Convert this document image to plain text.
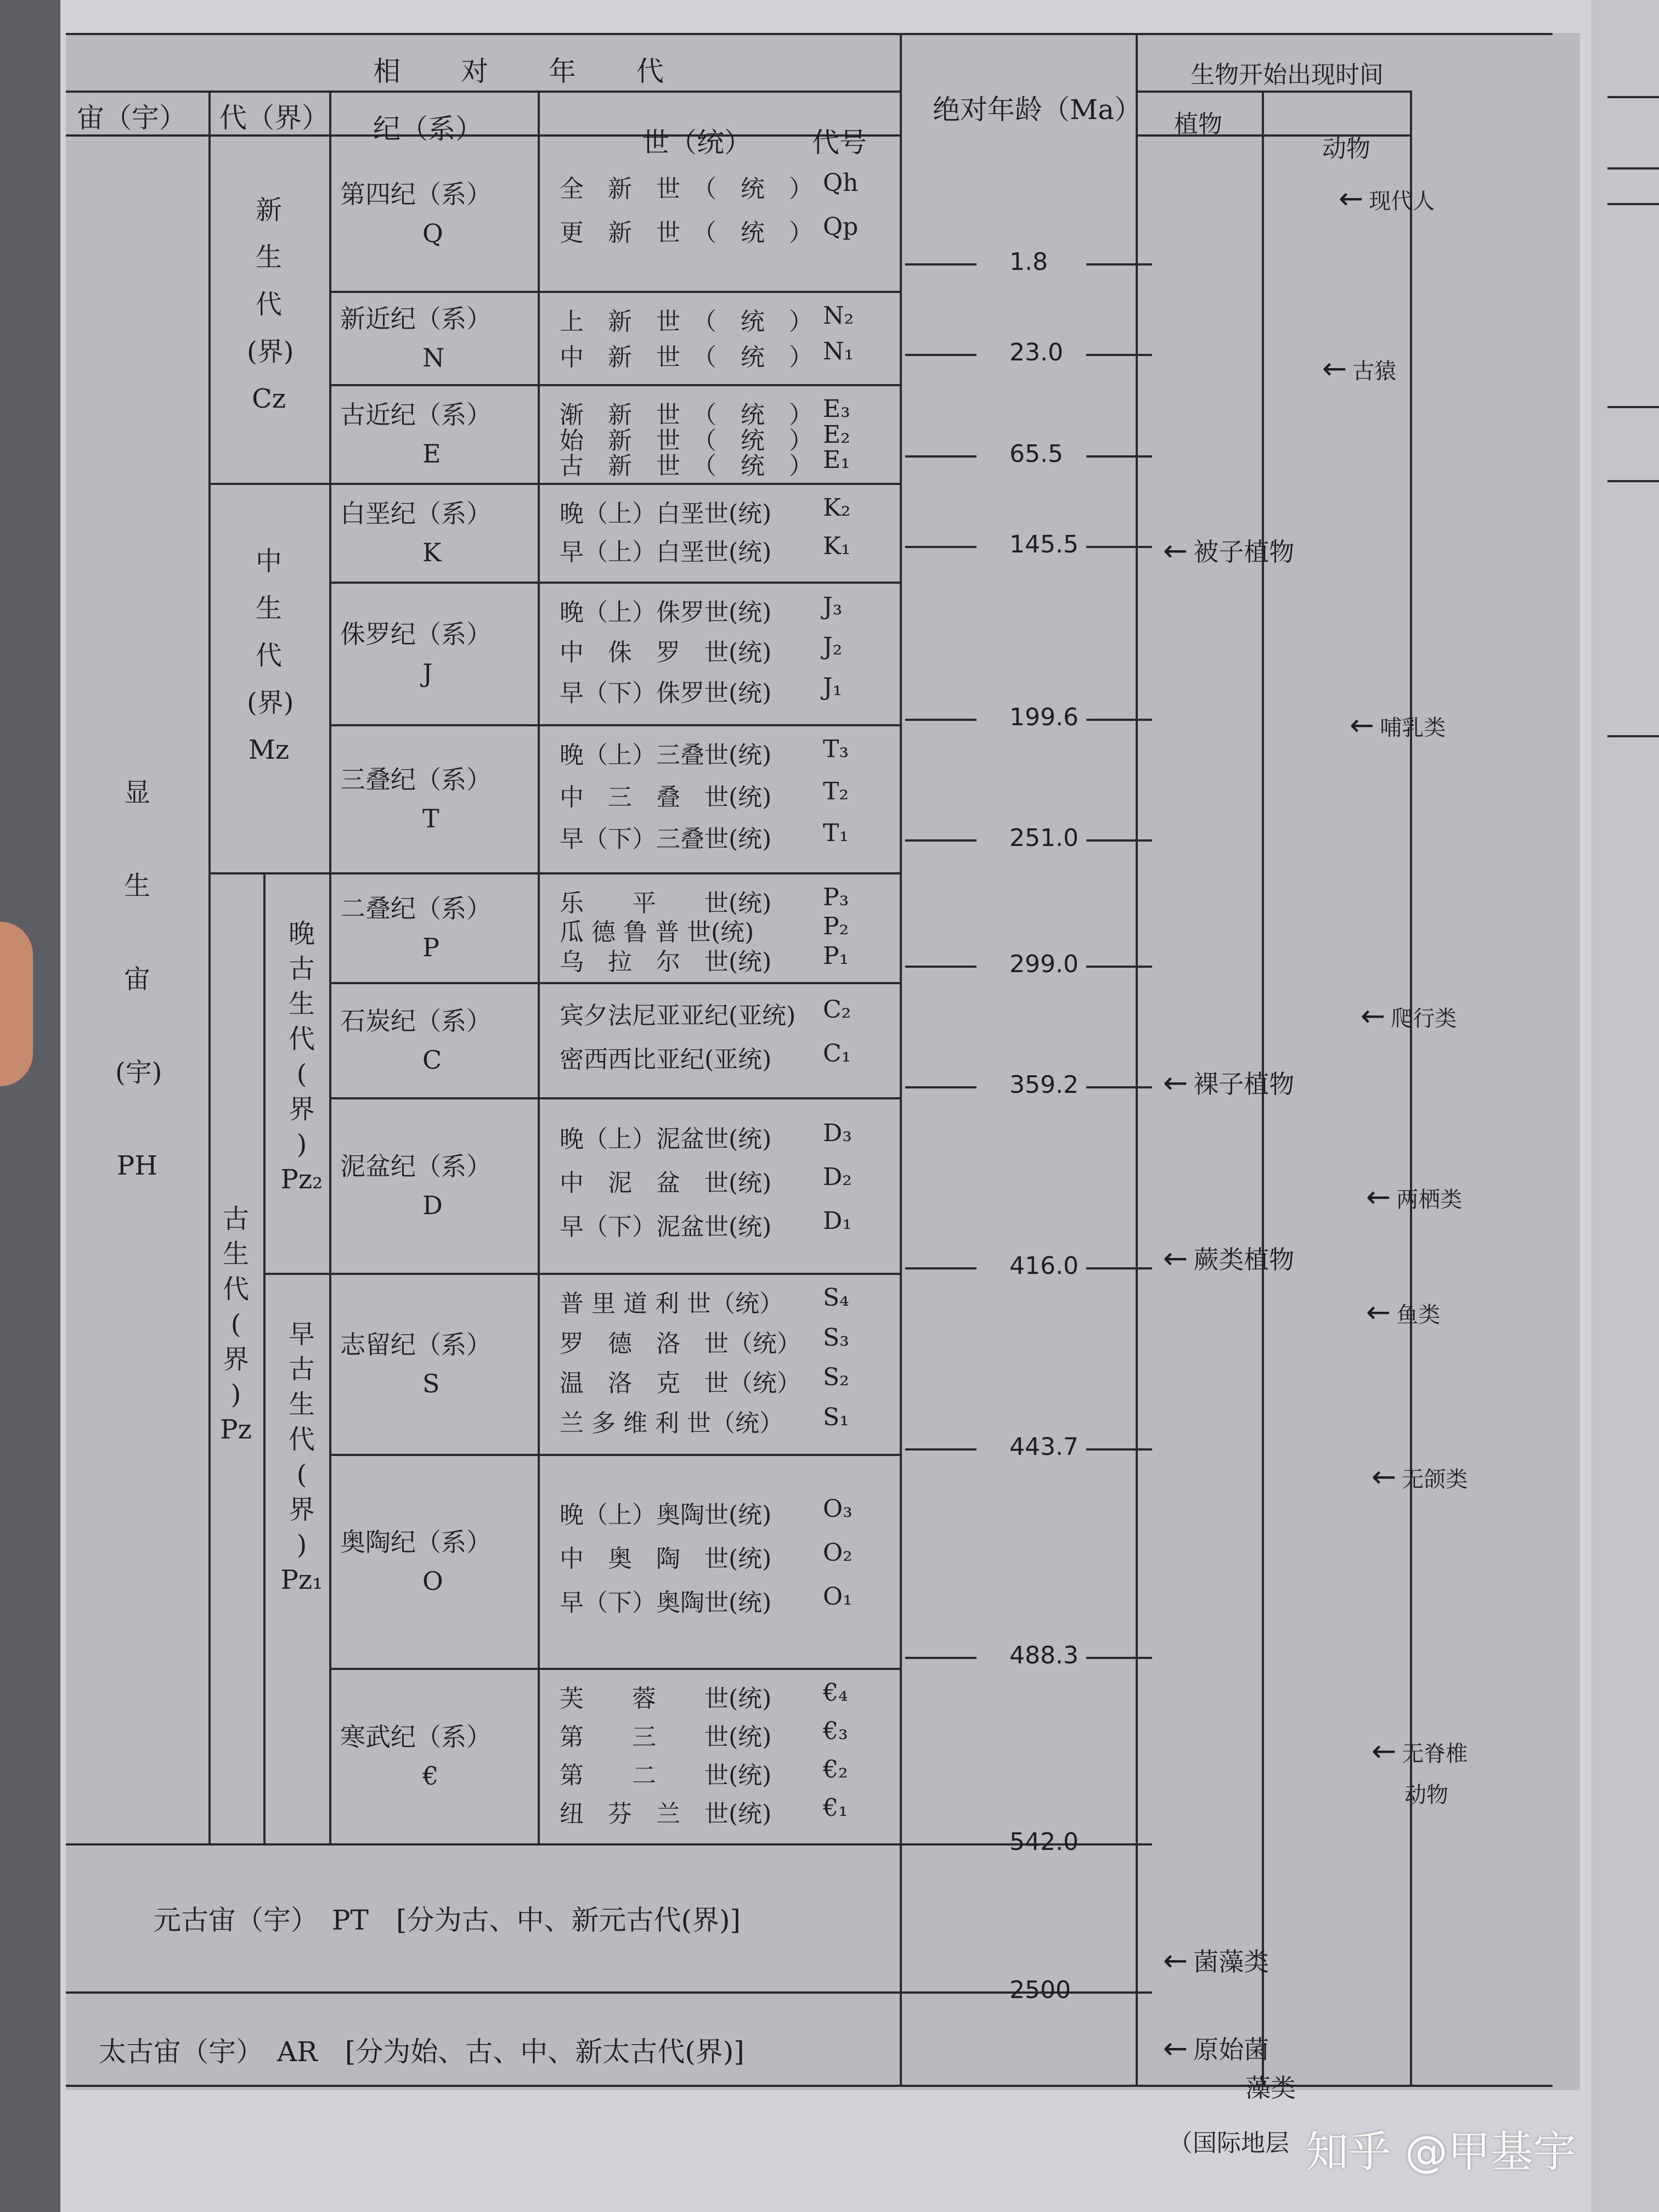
相　对　年　代
宙（宇） 代（界） 纪（系）	世（统） 代号
绝对年龄（Ma）
生物开始出现时间
植物
动物
显
生
宙
(宇)
PH
新
生
代
(界)
Cz
中
生
代
(界)
Mz
古
生
代
(
界
)
Pz
晚
古
生
代
(
界
)
Pz₂
早
古
生
代
(
界
)
Pz₁
元古宙（宇）　PT　[分为古、中、新元古代(界)]
太古宙（宇）　AR　[分为始、古、中、新太古代(界)]
第四纪（系）
Q
新近纪（系）
N
古近纪（系）
E
白垩纪（系）
K
侏罗纪（系）
J
三叠纪（系）
T
二叠纪（系）
P
石炭纪（系）
C
泥盆纪（系）
D
志留纪（系）
S
奥陶纪（系）
O
寒武纪（系）
€
全　新　世　（　统　） Qh
更　新　世　（　统　） Qp
上　新　世　（　统　） N₂
中　新　世　（　统　） N₁
渐　新　世　（　统　） E₃
始　新　世　（　统　） E₂
古　新　世　（　统　） E₁
晚（上）白垩世(统) K₂
早（上）白垩世(统) K₁
晚（上）侏罗世(统) J₃
中　侏　罗　世(统) J₂
早（下）侏罗世(统) J₁
晚（上）三叠世(统) T₃
中　三　叠　世(统) T₂
早（下）三叠世(统) T₁
乐　　平　　世(统) P₃
瓜 德 鲁 普 世(统)	P₂
乌　拉　尔　世(统) P₁
宾夕法尼亚亚纪(亚统) C₂
密西西比亚纪(亚统) C₁
晚（上）泥盆世(统) D₃
中　泥　盆　世(统) D₂
早（下）泥盆世(统) D₁
普 里 道 利 世（统） S₄
罗　德　洛　世（统） S₃
温　洛　克　世（统） S₂
兰 多 维 利 世（统） S₁
晚（上）奥陶世(统) O₃
中　奥　陶　世(统) O₂
早（下）奥陶世(统) O₁
芙　　蓉　　世(统) €₄
第　　三　　世(统) €₃
第　　二　　世(统) €₂
纽　芬　兰　世(统) €₁
1.8
23.0
65.5
145.5
199.6
251.0
299.0
359.2
416.0
443.7
488.3
542.0
2500
← 被子植物
← 裸子植物
← 蕨类植物
← 菌藻类
← 原始菌
藻类
← 现代人
← 古猿
← 哺乳类
← 爬行类
← 两栖类
← 鱼类
← 无颌类
← 无脊椎
动物
（国际地层 知乎 @甲基宇
